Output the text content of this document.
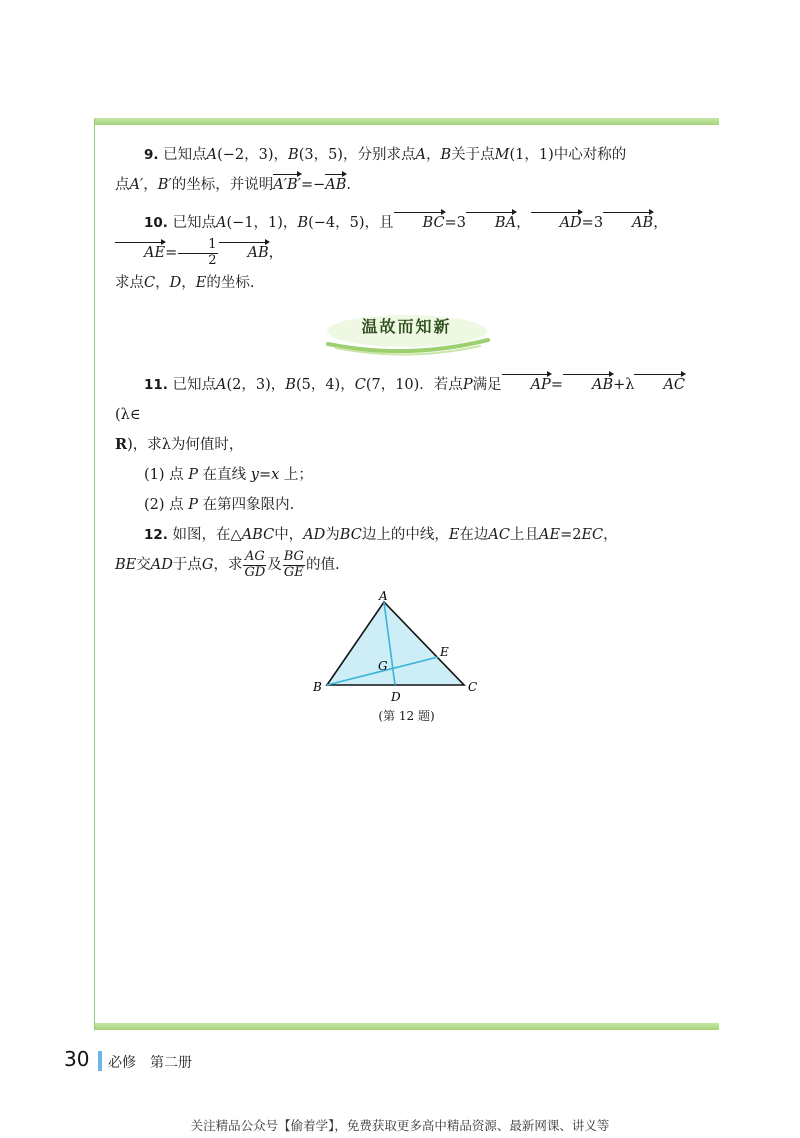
9. 已知点A(−2，3)，B(3，5)，分别求点A，B关于点M(1，1)中心对称的

点A′，B′的坐标，并说明A′B′=−AB.

10. 已知点A(−1，1)，B(−4，5)，且 BC=3 BA， AD=3 AB，$AE= \frac{1}{2}$ AB，

求点C，D，E的坐标.

温故而知新

11. 已知点A(2，3)，B(5，4)，C(7，10)．若点P满足 AP= AB+λ AC(λ∈

R)，求λ为何值时，

(1) 点 P 在直线 y=x 上；

(2) 点 P 在第四象限内.

12. 如图，在△ABC中，AD为BC边上的中线，E在边AC上且AE=2EC，

BE交AD于点G，求 $\frac{AG}{GD}$ 及 $\frac{BG}{GE}$ 的值.

A
B	C
D
E
G

(第 12 题)

30 必修　第二册
关注精品公众号【偷着学】，免费获取更多高中精品资源、最新网课、讲义等
